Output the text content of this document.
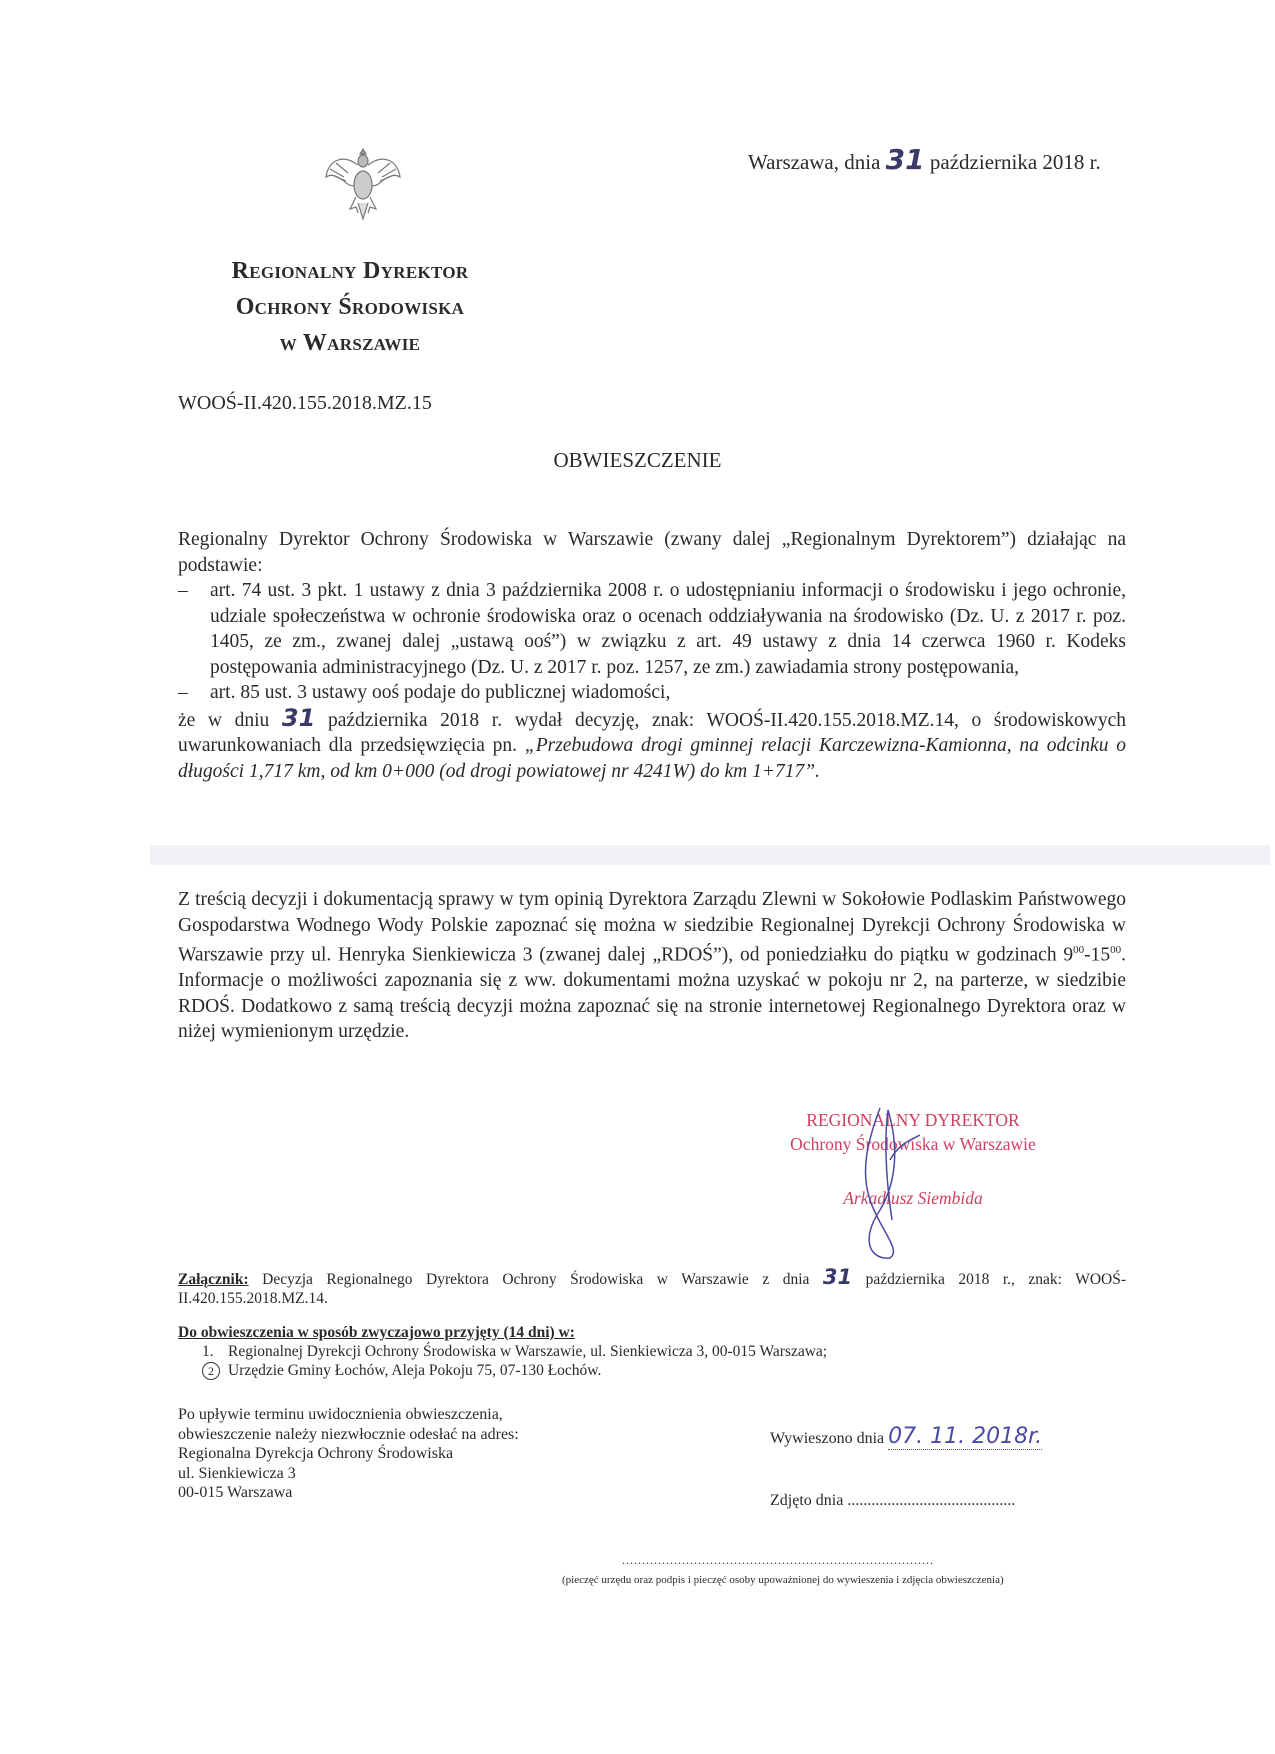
Warszawa, dnia 31 października 2018 r.
Regionalny Dyrektor
Ochrony Środowiska
w Warszawie
WOOŚ-II.420.155.2018.MZ.15
OBWIESZCZENIE
Regionalny Dyrektor Ochrony Środowiska w Warszawie (zwany dalej „Regionalnym Dyrektorem”) działając na podstawie:
–	art. 74 ust. 3 pkt. 1 ustawy z dnia 3 października 2008 r. o udostępnianiu informacji o środowisku i jego ochronie, udziale społeczeństwa w ochronie środowiska oraz o ocenach oddziaływania na środowisko (Dz. U. z 2017 r. poz. 1405, ze zm., zwanej dalej „ustawą ooś”) w związku z art. 49 ustawy z dnia 14 czerwca 1960 r. Kodeks postępowania administracyjnego (Dz. U. z 2017 r. poz. 1257, ze zm.) zawiadamia strony postępowania,
–	art. 85 ust. 3 ustawy ooś podaje do publicznej wiadomości,
że w dniu 31 października 2018 r. wydał decyzję, znak: WOOŚ-II.420.155.2018.MZ.14, o środowiskowych uwarunkowaniach dla przedsięwzięcia pn. „Przebudowa drogi gminnej relacji Karczewizna-Kamionna, na odcinku o długości 1,717 km, od km 0+000 (od drogi powiatowej nr 4241W) do km 1+717”.
Z treścią decyzji i dokumentacją sprawy w tym opinią Dyrektora Zarządu Zlewni w Sokołowie Podlaskim Państwowego Gospodarstwa Wodnego Wody Polskie zapoznać się można w siedzibie Regionalnej Dyrekcji Ochrony Środowiska w Warszawie przy ul. Henryka Sienkiewicza 3 (zwanej dalej „RDOŚ”), od poniedziałku do piątku w godzinach $9^{00}-15^{00}$. Informacje o możliwości zapoznania się z ww. dokumentami można uzyskać w pokoju nr 2, na parterze, w siedzibie RDOŚ. Dodatkowo z samą treścią decyzji można zapoznać się na stronie internetowej Regionalnego Dyrektora oraz w niżej wymienionym urzędzie.
REGIONALNY DYREKTOR
Ochrony Środowiska w Warszawie
Arkadiusz Siembida
Załącznik: Decyzja Regionalnego Dyrektora Ochrony Środowiska w Warszawie z dnia 31 października 2018 r., znak: WOOŚ-II.420.155.2018.MZ.14.
Do obwieszczenia w sposób zwyczajowo przyjęty (14 dni) w:
1. Regionalnej Dyrekcji Ochrony Środowiska w Warszawie, ul. Sienkiewicza 3, 00-015 Warszawa;
2 Urzędzie Gminy Łochów, Aleja Pokoju 75, 07-130 Łochów.
Po upływie terminu uwidocznienia obwieszczenia,
obwieszczenie należy niezwłocznie odesłać na adres:
Regionalna Dyrekcja Ochrony Środowiska
ul. Sienkiewicza 3
00-015 Warszawa
Wywieszono dnia 07. 11. 2018r.
Zdjęto dnia ..........................................
..............................................................................
(pieczęć urzędu oraz podpis i pieczęć osoby upoważnionej do wywieszenia i zdjęcia obwieszczenia)
